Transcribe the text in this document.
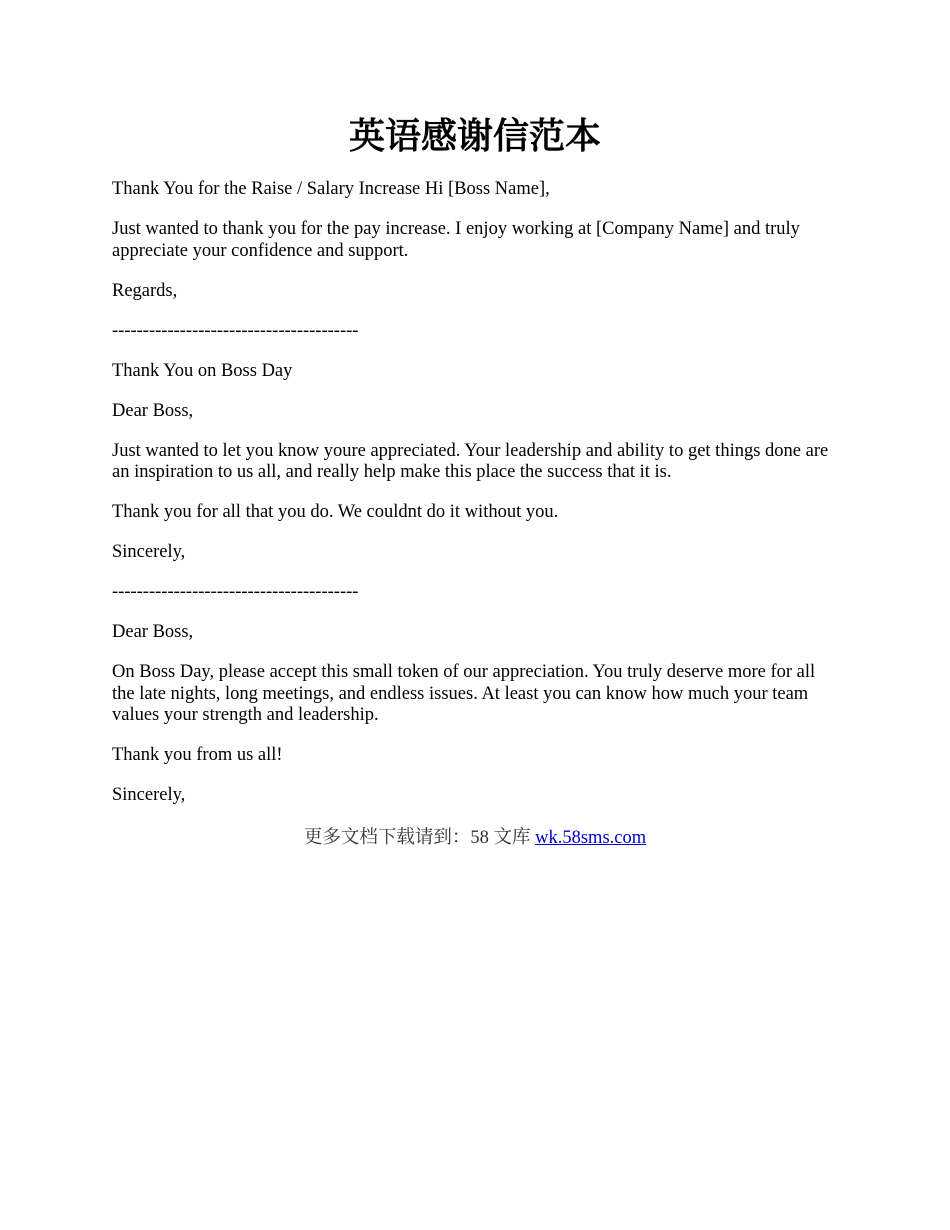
英语感谢信范本

Thank You for the Raise / Salary Increase Hi [Boss Name],

Just wanted to thank you for the pay increase. I enjoy working at [Company Name] and truly appreciate your confidence and support.

Regards,

----------------------------------------

Thank You on Boss Day

Dear Boss,

Just wanted to let you know youre appreciated. Your leadership and ability to get things done are an inspiration to us all, and really help make this place the success that it is.

Thank you for all that you do. We couldnt do it without you.

Sincerely,

----------------------------------------

Dear Boss,

On Boss Day, please accept this small token of our appreciation. You truly deserve more for all the late nights, long meetings, and endless issues. At least you can know how much your team values your strength and leadership.

Thank you from us all!

Sincerely,

更多文档下载请到：58 文库 wk.58sms.com
